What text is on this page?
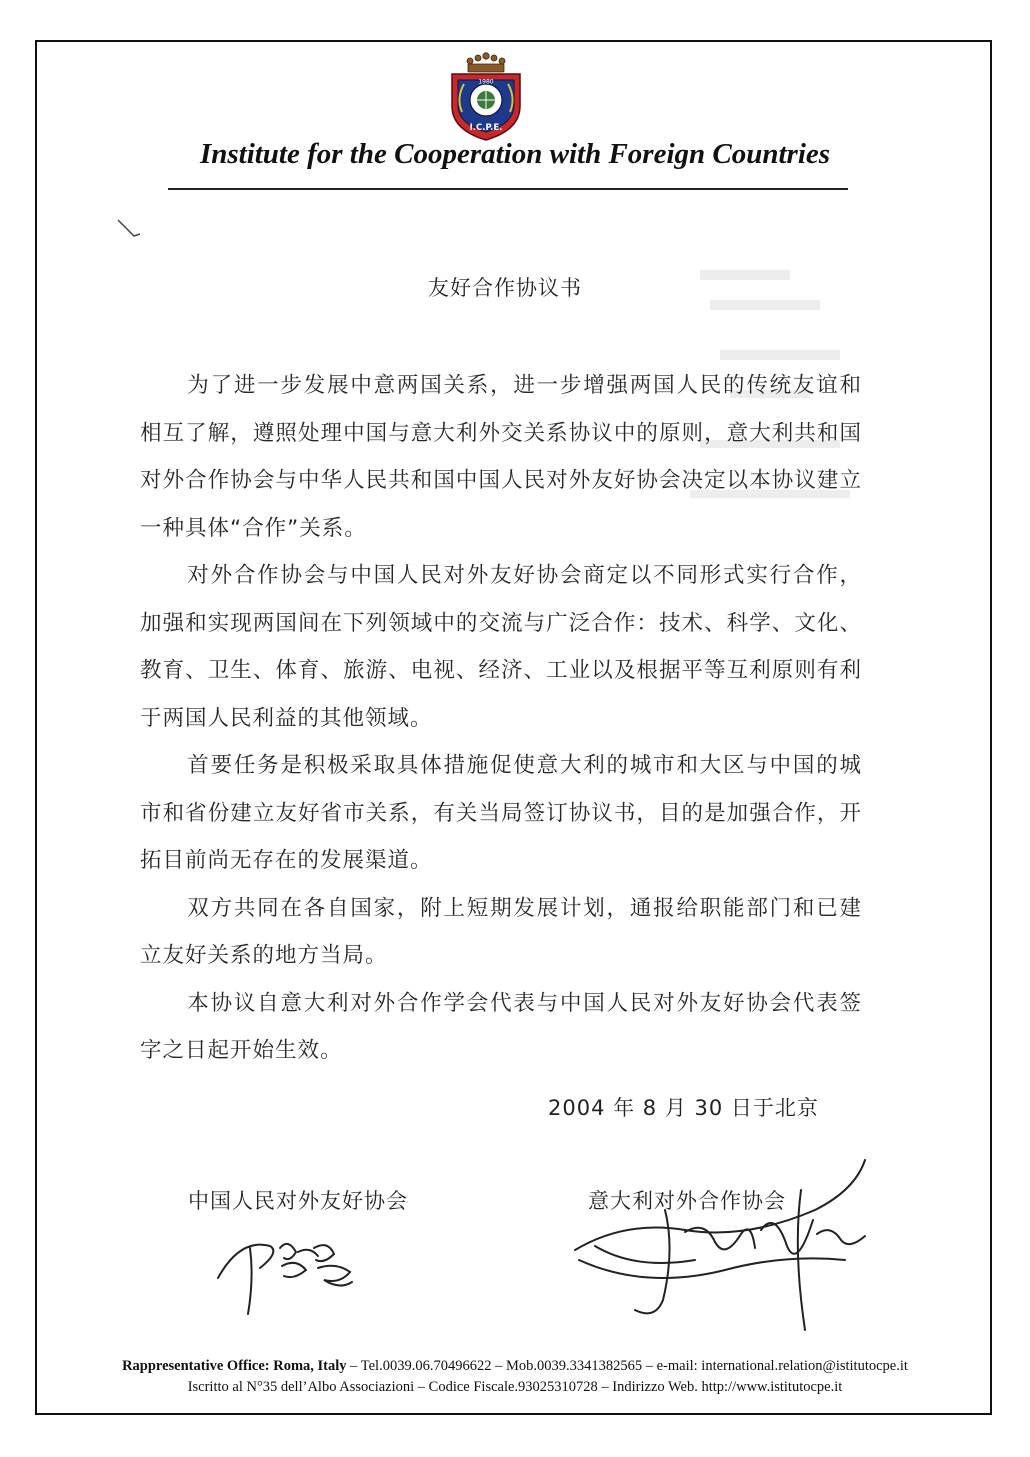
1980
I.C.P.E.
Institute for the Cooperation with Foreign Countries
友好合作协议书

为了进一步发展中意两国关系，进一步增强两国人民的传统友谊和相互了解，遵照处理中国与意大利外交关系协议中的原则，意大利共和国对外合作协会与中华人民共和国中国人民对外友好协会决定以本协议建立一种具体“合作”关系。

对外合作协会与中国人民对外友好协会商定以不同形式实行合作，加强和实现两国间在下列领域中的交流与广泛合作：技术、科学、文化、教育、卫生、体育、旅游、电视、经济、工业以及根据平等互利原则有利于两国人民利益的其他领域。

首要任务是积极采取具体措施促使意大利的城市和大区与中国的城市和省份建立友好省市关系，有关当局签订协议书，目的是加强合作，开拓目前尚无存在的发展渠道。

双方共同在各自国家，附上短期发展计划，通报给职能部门和已建立友好关系的地方当局。

本协议自意大利对外合作学会代表与中国人民对外友好协会代表签字之日起开始生效。

2004 年 8 月 30 日于北京
中国人民对外友好协会	意大利对外合作协会
Rappresentative Office: Roma, Italy – Tel.0039.06.70496622 – Mob.0039.3341382565 – e-mail: international.relation@istitutocpe.it
Iscritto al N°35 dell’Albo Associazioni – Codice Fiscale.93025310728 – Indirizzo Web. http://www.istitutocpe.it
